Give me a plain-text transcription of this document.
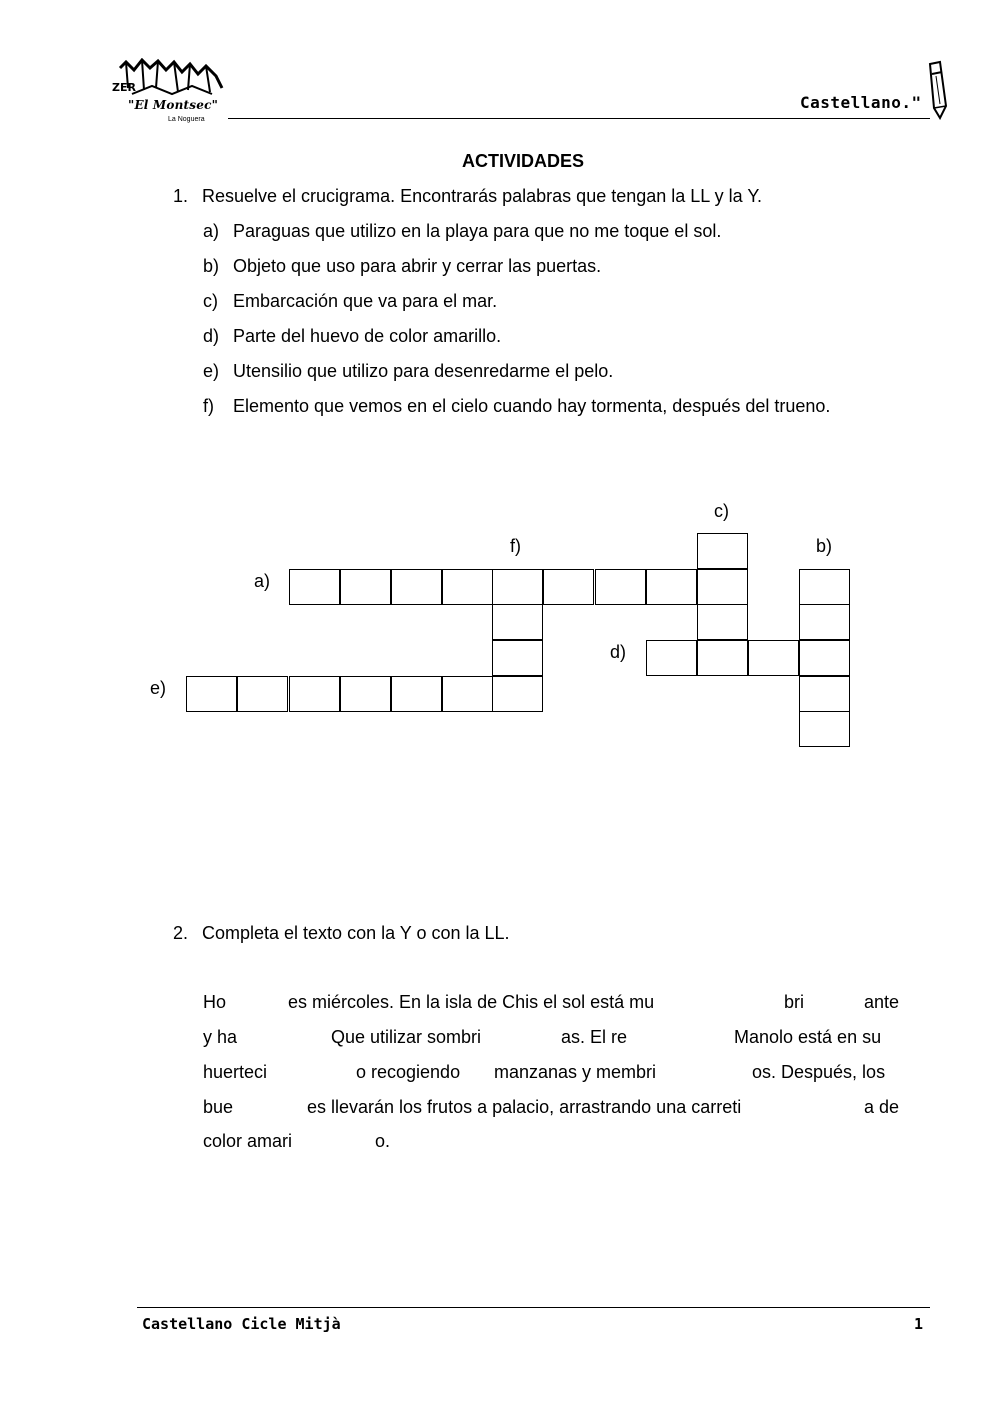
ZER
"El Montsec"
La Noguera
Castellano."
ACTIVIDADES
1. Resuelve el crucigrama. Encontrarás palabras que tengan la LL y la Y.
a) Paraguas que utilizo en la playa para que no me toque el sol.
b) Objeto que uso para abrir y cerrar las puertas.
c) Embarcación que va para el mar.
d) Parte del huevo de color amarillo.
e) Utensilio que utilizo para desenredarme el pelo.
f) Elemento que vemos en el cielo cuando hay tormenta, después del trueno.
c)
f)	b)
a)
d)
e)
2. Completa el texto con la Y o con la LL.
Ho	es miércoles. En la isla de Chis el sol está mu	bri	ante
y ha	Que utilizar sombri	as. El re	Manolo está en su
huerteci	o recogiendo manzanas y membri	os. Después, los
bue	es llevarán los frutos a palacio, arrastrando una carreti	a de
color amari	o.
Castellano Cicle Mitjà	1
